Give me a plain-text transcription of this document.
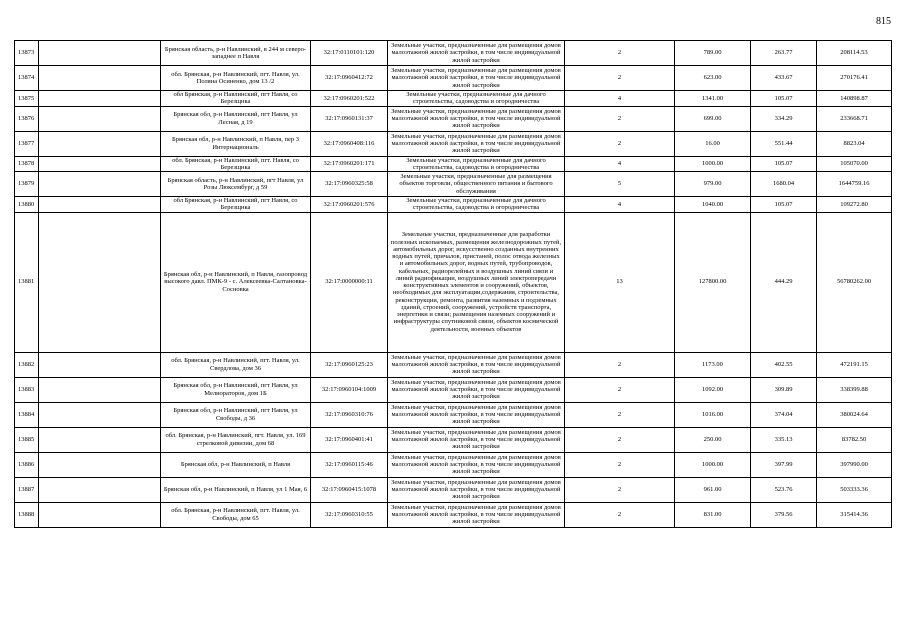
815
13873		Брянская область, р-н Навлинский, в 244 м северо-западнее п Навля	32:17:0110101:120	Земельные участки, предназначенные для размещения домов малоэтажной жилой застройки, в том числе индивидуальной жилой застройки	2	789.00	263.77	208114.53
13874		обл. Брянская, р-н Навлинский, пгт. Навля, ул. Поляна Осиненко, дом 13 /2	32:17:0960412:72	Земельные участки, предназначенные для размещения домов малоэтажной жилой застройки, в том числе индивидуальной жилой застройки	2	623.00	433.67	270176.41
13875		обл Брянская, р-н Навлинский, пгт Навля, со Березщнка	32:17:0960201:522	Земельные участки, предназначенные для дачного строительства, садоводства и огородничества	4	1341.00	105.07	140898.87
13876		Брянская обл, р-н Навлинский, пгт Навля, ул Лесная, д 19	32:17:0960131:37	Земельные участки, предназначенные для размещения домов малоэтажной жилой застройки, в том числе индивидуальной жилой застройки	2	699.00	334.29	233668.71
13877		Брянская обл, р-н Навлинский, п Навля, пер 3 Интернациональ	32:17:0960408:116	Земельные участки, предназначенные для размещения домов малоэтажной жилой застройки, в том числе индивидуальной жилой застройки	2	16.00	551.44	8823.04
13878		обл. Брянская, р-н Навлинский, пгт. Навля, со Березщнка	32:17:0960201:171	Земельные участки, предназначенные для дачного строительства, садоводства и огородничества	4	1000.00	105.07	105070.00
13879		Брянская область, р-н Навлинский, пгт Навля, ул Розы Люксембург, д 59	32:17:0960325:58	Земельные участки, предназначенные для размещения объектов торговли, общественного питания и бытового обслуживания	5	979.00	1680.04	1644759.16
13880		обл Брянская, р-н Навлинский, пгт Навля, со Березщнка	32:17:0960201:576	Земельные участки, предназначенные для дачного строительства, садоводства и огородничества	4	1040.00	105.07	109272.80
13881		Брянская обл, р-н Навлинский, п Навля, газопровод высокого давл. ПМК-9 - с. Алексеевка-Салтановка-Сосновка	32:17:0000000:11	Земельные участки, предназначенные для разработки полезных ископаемых, размещения железнодорожных путей, автомобильных дорог, искусственно созданных внутренних водных путей, причалов, пристаней, полос отвода железных и автомобильных дорог, водных путей, трубопроводов, кабельных, радиорелейных и воздушных линий связи и линий радиофикации, воздушных линий электропередачи конструктивных элементов и сооружений, объектов, необходимых для эксплуатации,содержания, строительства, реконструкции, ремонта, развития наземных и подземных зданий, строений, сооружений, устройств транспорта, энергетики и связи; размещения наземных сооружений и инфраструктуры спутниковой связи, объектов космической деятельности, военных объектов	13	127800.00	444.29	56780262.00
13882		обл. Брянская, р-н Навлинский, пгт. Навля, ул. Свердлова, дом 36	32:17:0960125:23	Земельные участки, предназначенные для размещения домов малоэтажной жилой застройки, в том числе индивидуальной жилой застройки	2	1173.00	402.55	472191.15
13883		Брянская обл, р-н Навлинский, пгт Навля, ул Мелиораторов, дом 1Б	32:17:0960104:1009	Земельные участки, предназначенные для размещения домов малоэтажной жилой застройки, в том числе индивидуальной жилой застройки	2	1092.00	309.89	338399.88
13884		Брянская обл, р-н Навлинский, пгт Навля, ул Свободы, д 36	32:17:0960310:76	Земельные участки, предназначенные для размещения домов малоэтажной жилой застройки, в том числе индивидуальной жилой застройки	2	1016.00	374.04	380024.64
13885		обл. Брянская, р-н Навлинский, пгт. Навля, ул. 169 стрелковой дивизии, дом 68	32:17:0960401:41	Земельные участки, предназначенные для размещения домов малоэтажной жилой застройки, в том числе индивидуальной жилой застройки	2	250.00	335.13	83782.50
13886		Брянская обл, р-н Навлинский, п Навля	32:17:0960115:46	Земельные участки, предназначенные для размещения домов малоэтажной жилой застройки, в том числе индивидуальной жилой застройки	2	1000.00	397.99	397990.00
13887		Брянская обл, р-н Навлинский, п Навля, ул 1 Мая, 6	32:17:0960415:1078	Земельные участки, предназначенные для размещения домов малоэтажной жилой застройки, в том числе индивидуальной жилой застройки	2	961.00	523.76	503333.36
13888		обл. Брянская, р-н Навлинский, пгт. Навля, ул. Свободы, дом 65	32:17:0960310:55	Земельные участки, предназначенные для размещения домов малоэтажной жилой застройки, в том числе индивидуальной жилой застройки	2	831.00	379.56	315414.36
